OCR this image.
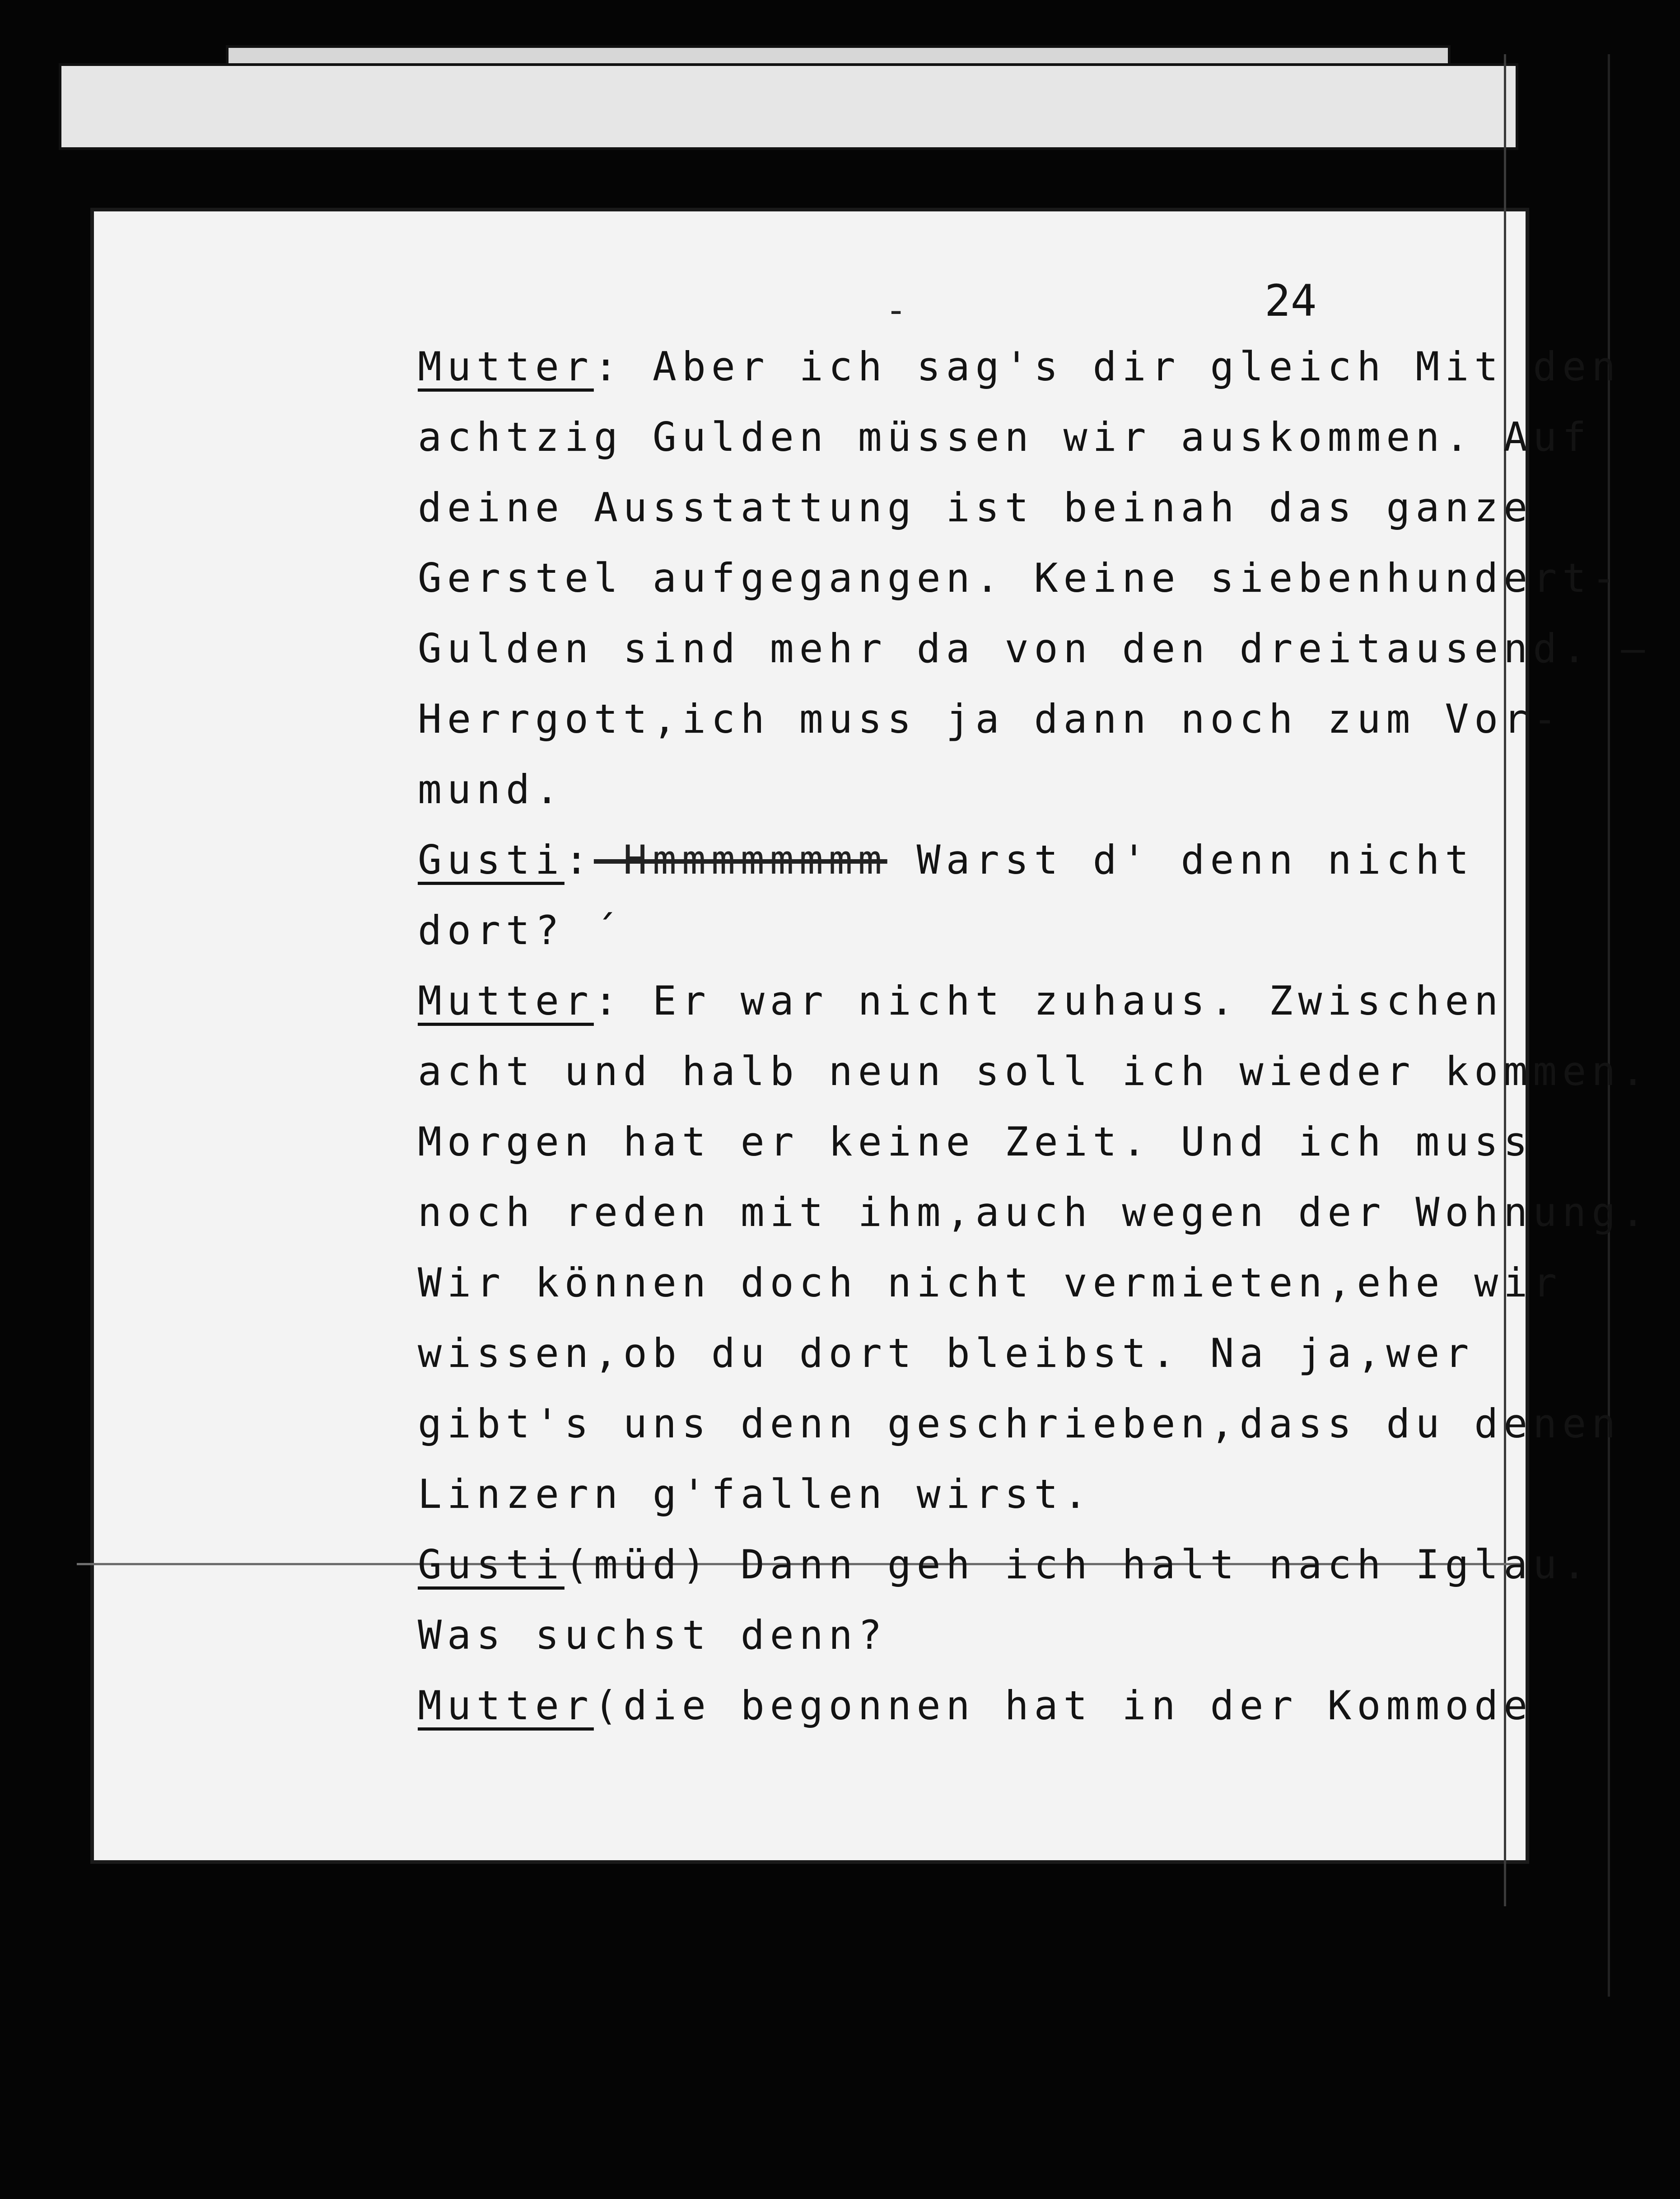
-	24
Mutter: Aber ich sag's dir gleich Mit den
achtzig Gulden müssen wir auskommen. Auf
deine Ausstattung ist beinah das ganze
Gerstel aufgegangen. Keine siebenhundert-
Gulden sind mehr da von den dreitausend. —
Herrgott,ich muss ja dann noch zum Vor-
mund.
Gusti: Hmmmmmmmm Warst d' denn nicht
dort? ´
Mutter: Er war nicht zuhaus. Zwischen
acht und halb neun soll ich wieder kommen.
Morgen hat er keine Zeit. Und ich muss
noch reden mit ihm,auch wegen der Wohnung.
Wir können doch nicht vermieten,ehe wir
wissen,ob du dort bleibst. Na ja,wer
gibt's uns denn geschrieben,dass du denen
Linzern g'fallen wirst.
Gusti(müd) Dann geh ich halt nach Iglau.
Was suchst denn?
Mutter(die begonnen hat in der Kommode
